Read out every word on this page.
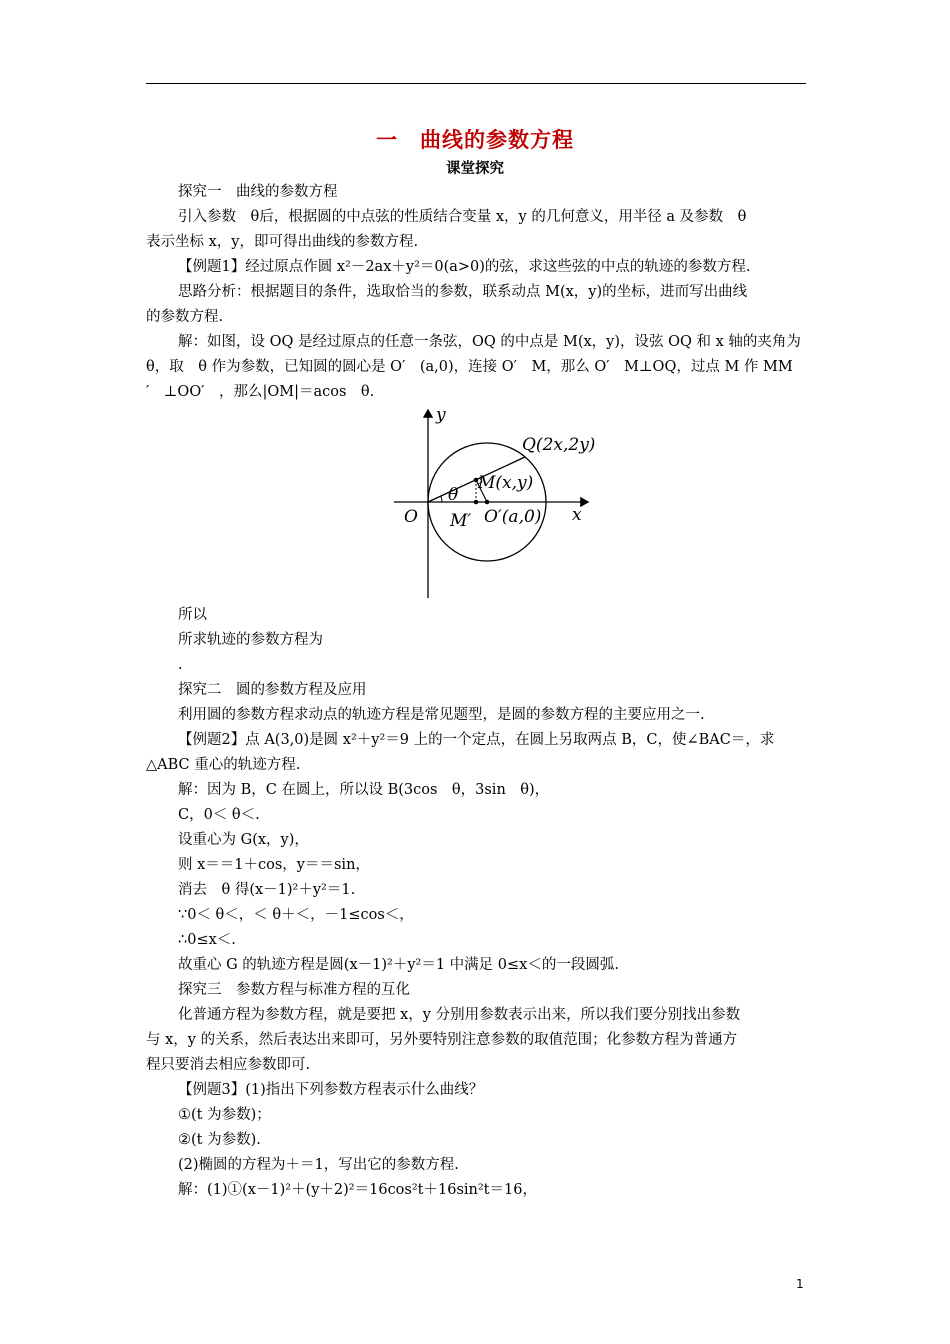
一　曲线的参数方程
课堂探究
探究一　曲线的参数方程
引入参数　θ后，根据圆的中点弦的性质结合变量 x，y 的几何意义，用半径 a 及参数　θ
表示坐标 x，y，即可得出曲线的参数方程.
【例题1】经过原点作圆 x²－2ax＋y²＝0(a>0)的弦，求这些弦的中点的轨迹的参数方程.
思路分析：根据题目的条件，选取恰当的参数，联系动点 M(x，y)的坐标，进而写出曲线
的参数方程.
解：如图，设 OQ 是经过原点的任意一条弦，OQ 的中点是 M(x，y)，设弦 OQ 和 x 轴的夹角为
θ，取　θ 作为参数，已知圆的圆心是 O′　(a,0)，连接 O′　M，那么 O′　M⊥OQ，过点 M 作 MM
′　⊥OO′　，那么|OM|＝acos　θ.
所以
所求轨迹的参数方程为
.
探究二　圆的参数方程及应用
利用圆的参数方程求动点的轨迹方程是常见题型，是圆的参数方程的主要应用之一.
【例题2】点 A(3,0)是圆 x²＋y²＝9 上的一个定点，在圆上另取两点 B，C，使∠BAC＝，求
△ABC 重心的轨迹方程.
解：因为 B，C 在圆上，所以设 B(3cos　θ，3sin　θ)，
C，0＜ θ＜.
设重心为 G(x，y)，
则 x＝＝1＋cos，y＝＝sin，
消去　θ 得(x－1)²＋y²＝1.
∵0＜ θ＜，＜ θ＋＜，－1≤cos＜，
∴0≤x＜.
故重心 G 的轨迹方程是圆(x－1)²＋y²＝1 中满足 0≤x＜的一段圆弧.
探究三　参数方程与标准方程的互化
化普通方程为参数方程，就是要把 x，y 分别用参数表示出来，所以我们要分别找出参数
与 x，y 的关系，然后表达出来即可，另外要特别注意参数的取值范围；化参数方程为普通方
程只要消去相应参数即可.
【例题3】(1)指出下列参数方程表示什么曲线？
①(t 为参数)；
②(t 为参数).
(2)椭圆的方程为＋＝1，写出它的参数方程.
解：(1)①(x－1)²＋(y＋2)²＝16cos²t＋16sin²t＝16，
y
x
O
Q(2x,2y)
M(x,y)
θ
M′ O′(a,0)
1
